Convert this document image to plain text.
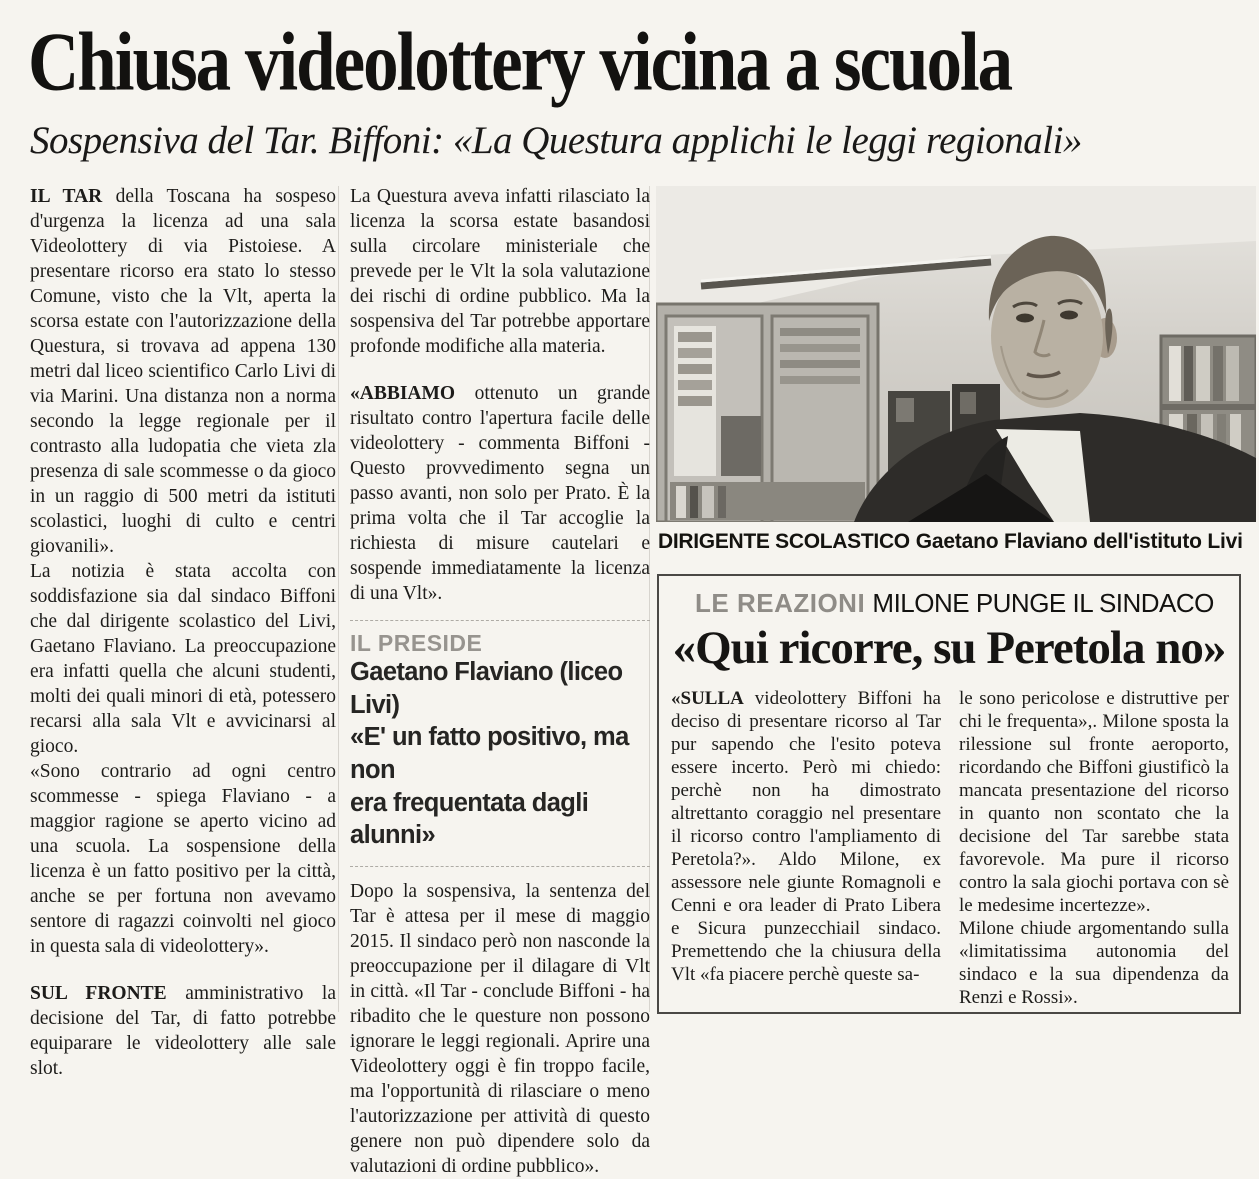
Chiusa videolottery vicina a scuola
Sospensiva del Tar. Biffoni: «La Questura applichi le leggi regionali»

IL TAR della Toscana ha sospeso d'urgenza la licenza ad una sala Videolottery di via Pistoiese. A presentare ricorso era stato lo stesso Comune, visto che la Vlt, aperta la scorsa estate con l'autorizzazione della Questura, si trovava ad appena 130 metri dal liceo scientifico Carlo Livi di via Marini. Una distanza non a norma secondo la legge regionale per il contrasto alla ludopatia che vieta zla presenza di sale scommesse o da gioco in un raggio di 500 metri da istituti scolastici, luoghi di culto e centri giovanili».

La notizia è stata accolta con soddisfazione sia dal sindaco Biffoni che dal dirigente scolastico del Livi, Gaetano Flaviano. La preoccupazione era infatti quella che alcuni studenti, molti dei quali minori di età, potessero recarsi alla sala Vlt e avvicinarsi al gioco.

«Sono contrario ad ogni centro scommesse - spiega Flaviano - a maggior ragione se aperto vicino ad una scuola. La sospensione della licenza è un fatto positivo per la città, anche se per fortuna non avevamo sentore di ragazzi coinvolti nel gioco in questa sala di videolottery».

SUL FRONTE amministrativo la decisione del Tar, di fatto potrebbe equiparare le videolottery alle sale slot.

La Questura aveva infatti rilasciato la licenza la scorsa estate basandosi sulla circolare ministeriale che prevede per le Vlt la sola valutazione dei rischi di ordine pubblico. Ma la sospensiva del Tar potrebbe apportare profonde modifiche alla materia.

«ABBIAMO ottenuto un grande risultato contro l'apertura facile delle videolottery - commenta Biffoni - Questo provvedimento segna un passo avanti, non solo per Prato. È la prima volta che il Tar accoglie la richiesta di misure cautelari e sospende immediatamente la licenza di una Vlt».

IL PRESIDE
Gaetano Flaviano (liceo Livi)
«E' un fatto positivo, ma non
era frequentata dagli alunni»

Dopo la sospensiva, la sentenza del Tar è attesa per il mese di maggio 2015. Il sindaco però non nasconde la preoccupazione per il dilagare di Vlt in città. «Il Tar - conclude Biffoni - ha ribadito che le questure non possono ignorare le leggi regionali. Aprire una Videolottery oggi è fin troppo facile, ma l'opportunità di rilasciare o meno l'autorizzazione per attività di questo genere non può dipendere solo da valutazioni di ordine pubblico».

DIRIGENTE SCOLASTICO Gaetano Flaviano dell'istituto Livi
LE REAZIONI MILONE PUNGE IL SINDACO
«Qui ricorre, su Peretola no»

«SULLA videolottery Biffoni ha deciso di presentare ricorso al Tar pur sapendo che l'esito poteva essere incerto. Però mi chiedo: perchè non ha dimostrato altrettanto coraggio nel presentare il ricorso contro l'ampliamento di Peretola?». Aldo Milone, ex assessore nele giunte Romagnoli e Cenni e ora leader di Prato Libera e Sicura punzecchiail sindaco. Premettendo che la chiusura della Vlt «fa piacere perchè queste sa-

le sono pericolose e distruttive per chi le frequenta»,. Milone sposta la rilessione sul fronte aeroporto, ricordando che Biffoni giustificò la mancata presentazione del ricorso in quanto non scontato che la decisione del Tar sarebbe stata favorevole. Ma pure il ricorso contro la sala giochi portava con sè le medesime incertezze».

Milone chiude argomentando sulla «limitatissima autonomia del sindaco e la sua dipendenza da Renzi e Rossi».
